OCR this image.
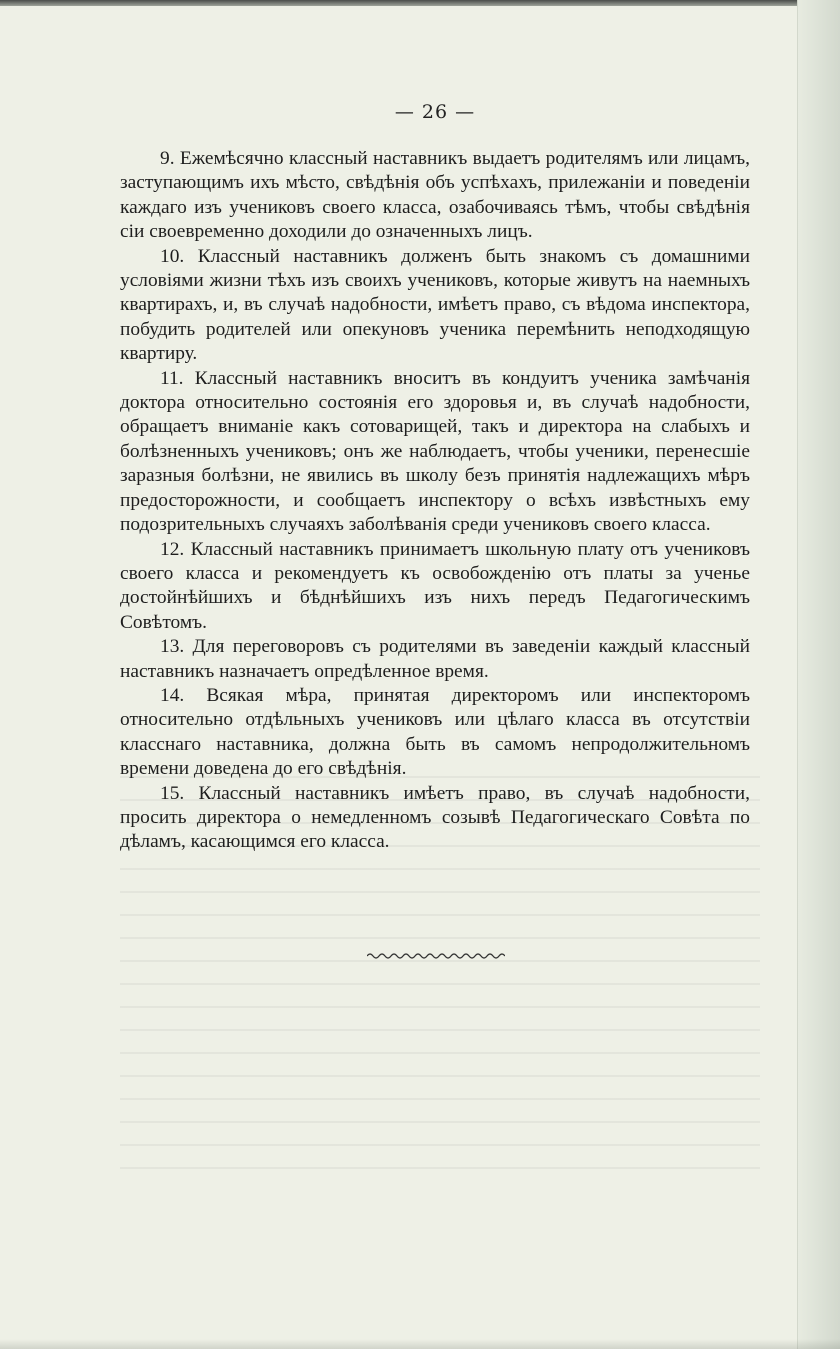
— 26 —

9. Ежемѣсячно классный наставникъ выдаетъ родителямъ или лицамъ, заступающимъ ихъ мѣсто, свѣдѣнія объ успѣхахъ, прилежаніи и поведеніи каждаго изъ учениковъ своего класса, озабочиваясь тѣмъ, чтобы свѣдѣнія сіи своевременно доходили до означенныхъ лицъ.

10. Классный наставникъ долженъ быть знакомъ съ домашними условіями жизни тѣхъ изъ своихъ учениковъ, которые живутъ на наемныхъ квартирахъ, и, въ случаѣ надобности, имѣетъ право, съ вѣдома инспектора, побудить родителей или опекуновъ ученика перемѣнить неподходящую квартиру.

11. Классный наставникъ вноситъ въ кондуитъ ученика замѣчанія доктора относительно состоянія его здоровья и, въ случаѣ надобности, обращаетъ вниманіе какъ сотоварищей, такъ и директора на слабыхъ и болѣзненныхъ учениковъ; онъ же наблюдаетъ, чтобы ученики, перенесшіе заразныя болѣзни, не явились въ школу безъ принятія надлежащихъ мѣръ предосторожности, и сообщаетъ инспектору о всѣхъ извѣстныхъ ему подозрительныхъ случаяхъ заболѣванія среди учениковъ своего класса.

12. Классный наставникъ принимаетъ школьную плату отъ учениковъ своего класса и рекомендуетъ къ освобожденію отъ платы за ученье достойнѣйшихъ и бѣднѣйшихъ изъ нихъ передъ Педагогическимъ Совѣтомъ.

13. Для переговоровъ съ родителями въ заведеніи каждый классный наставникъ назначаетъ опредѣленное время.

14. Всякая мѣра, принятая директоромъ или инспекторомъ относительно отдѣльныхъ учениковъ или цѣлаго класса въ отсутствіи класснаго наставника, должна быть въ самомъ непродолжительномъ времени доведена до его свѣдѣнія.

15. Классный наставникъ имѣетъ право, въ случаѣ надобности, просить директора о немедленномъ созывѣ Педагогическаго Совѣта по дѣламъ, касающимся его класса.
